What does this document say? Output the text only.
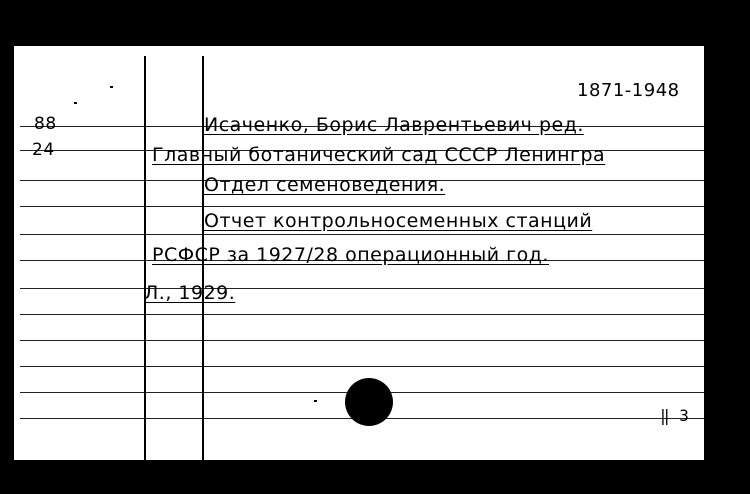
1871-1948
88
24
Исаченко, Борис Лаврентьевич ред.
Главный ботанический сад СССР Ленингра
Отдел семеноведения.
Отчет контрольносеменных станций
РСФСР за 1927/28 операционный год.
Л., 1929.
‖ 3
